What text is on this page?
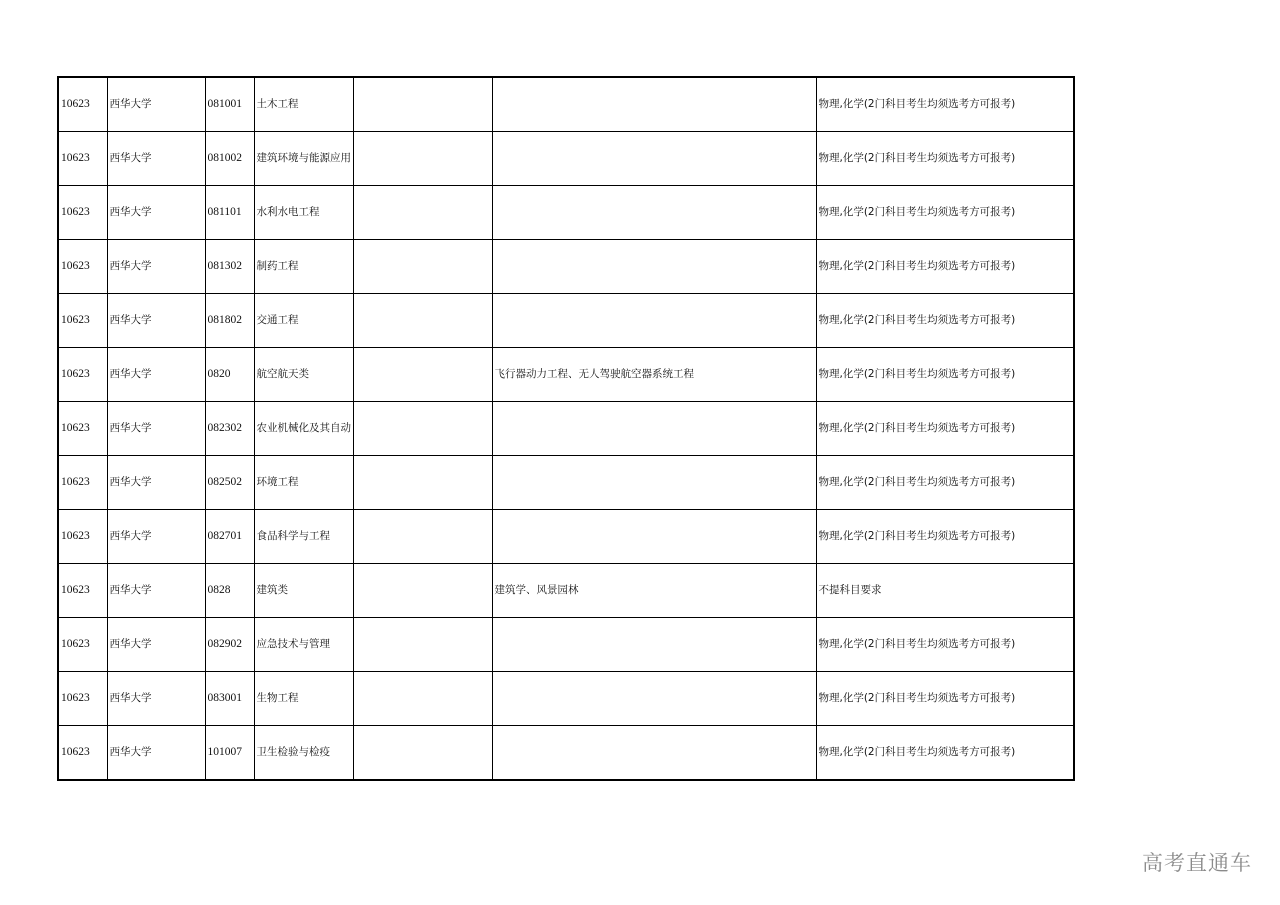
10623	西华大学	081001	土木工程			物理,化学(2门科目考生均须选考方可报考)
10623	西华大学	081002	建筑环境与能源应用			物理,化学(2门科目考生均须选考方可报考)
10623	西华大学	081101	水利水电工程			物理,化学(2门科目考生均须选考方可报考)
10623	西华大学	081302	制药工程			物理,化学(2门科目考生均须选考方可报考)
10623	西华大学	081802	交通工程			物理,化学(2门科目考生均须选考方可报考)
10623	西华大学	0820	航空航天类		飞行器动力工程、无人驾驶航空器系统工程	物理,化学(2门科目考生均须选考方可报考)
10623	西华大学	082302	农业机械化及其自动			物理,化学(2门科目考生均须选考方可报考)
10623	西华大学	082502	环境工程			物理,化学(2门科目考生均须选考方可报考)
10623	西华大学	082701	食品科学与工程			物理,化学(2门科目考生均须选考方可报考)
10623	西华大学	0828	建筑类		建筑学、风景园林	不提科目要求
10623	西华大学	082902	应急技术与管理			物理,化学(2门科目考生均须选考方可报考)
10623	西华大学	083001	生物工程			物理,化学(2门科目考生均须选考方可报考)
10623	西华大学	101007	卫生检验与检疫			物理,化学(2门科目考生均须选考方可报考)
高考直通车
